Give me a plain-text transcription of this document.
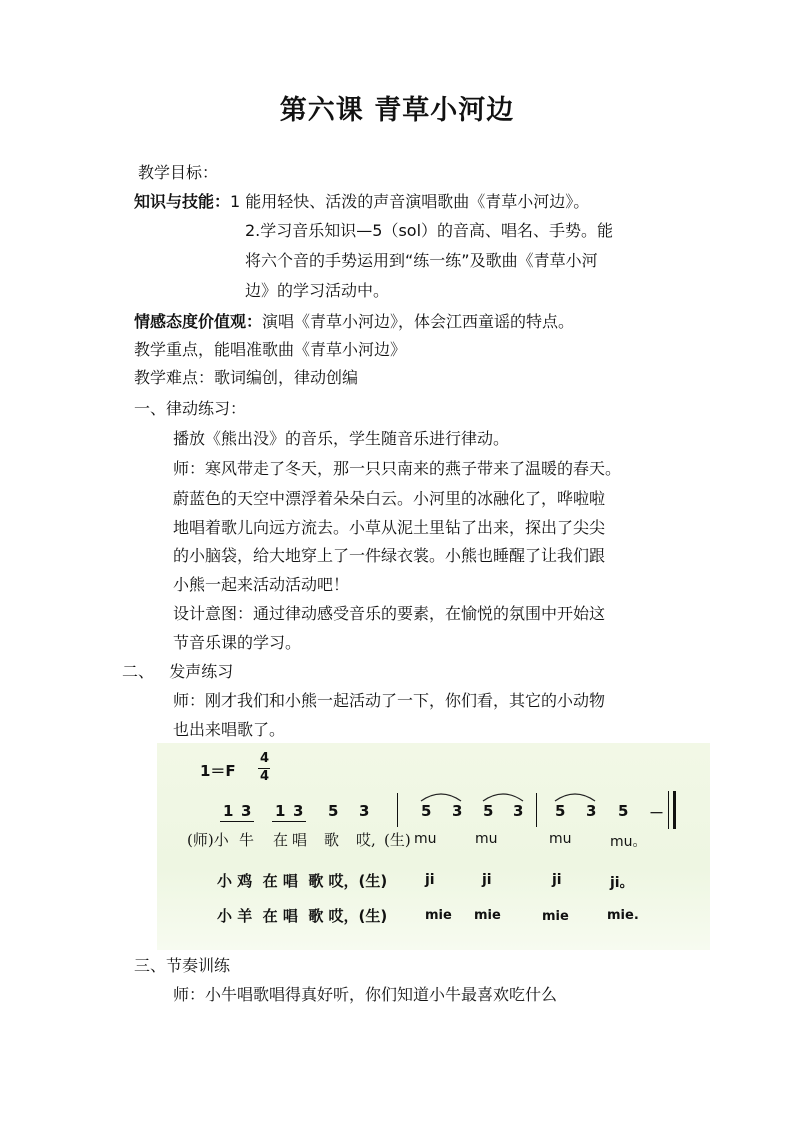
第六课 青草小河边
教学目标：
知识与技能：1 能用轻快、活泼的声音演唱歌曲《青草小河边》。
2.学习音乐知识—5（sol）的音高、唱名、手势。能
将六个音的手势运用到“练一练”及歌曲《青草小河
边》的学习活动中。
情感态度价值观：演唱《青草小河边》，体会江西童谣的特点。
教学重点，能唱准歌曲《青草小河边》
教学难点：歌词编创，律动创编
一、律动练习：
播放《熊出没》的音乐，学生随音乐进行律动。
师：寒风带走了冬天，那一只只南来的燕子带来了温暖的春天。
蔚蓝色的天空中漂浮着朵朵白云。小河里的冰融化了，哗啦啦
地唱着歌儿向远方流去。小草从泥土里钻了出来，探出了尖尖
的小脑袋，给大地穿上了一件绿衣裳。小熊也睡醒了让我们跟
小熊一起来活动活动吧！
设计意图：通过律动感受音乐的要素，在愉悦的氛围中开始这
节音乐课的学习。
二、   发声练习
师：刚才我们和小熊一起活动了一下，你们看，其它的小动物
也出来唱歌了。
1＝F
4
4
1 3 1 3 5 3	5 3 5 3 5 3 5 －
(师)小 牛 在 唱 歌 哎, (生) mu	mu	mu	mu。
小 鸡  在 唱  歌 哎，(生)	ji	ji	ji	ji。
小 羊  在 唱  歌 哎，(生)	mie mie	mie	mie.
三、节奏训练
师：小牛唱歌唱得真好听，你们知道小牛最喜欢吃什么
